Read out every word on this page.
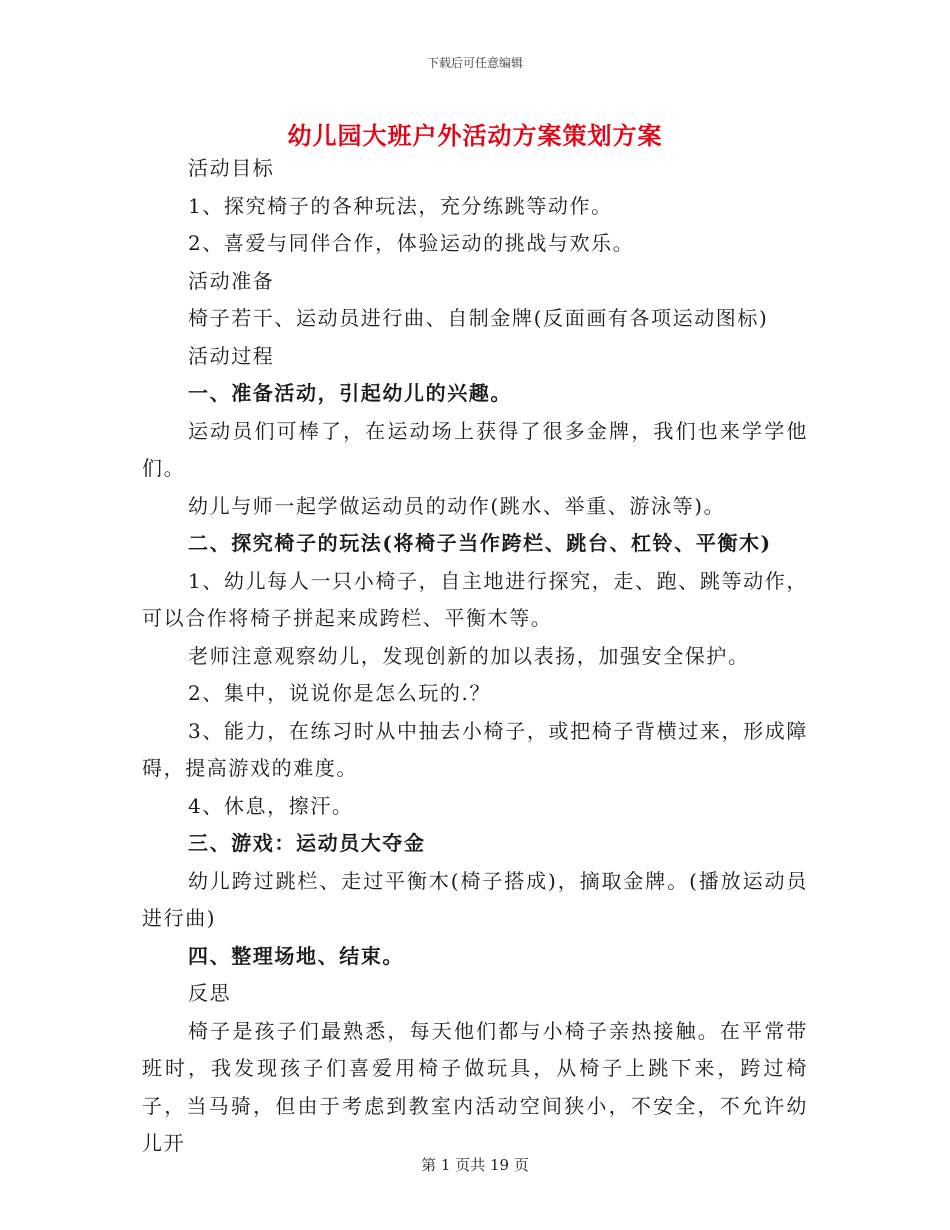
下载后可任意编辑
幼儿园大班户外活动方案策划方案

活动目标

1、探究椅子的各种玩法，充分练跳等动作。

2、喜爱与同伴合作，体验运动的挑战与欢乐。

活动准备

椅子若干、运动员进行曲、自制金牌(反面画有各项运动图标)

活动过程

一、准备活动，引起幼儿的兴趣。

运动员们可棒了，在运动场上获得了很多金牌，我们也来学学他们。

幼儿与师一起学做运动员的动作(跳水、举重、游泳等)。

二、探究椅子的玩法(将椅子当作跨栏、跳台、杠铃、平衡木)

1、幼儿每人一只小椅子，自主地进行探究，走、跑、跳等动作，可以合作将椅子拼起来成跨栏、平衡木等。

老师注意观察幼儿，发现创新的加以表扬，加强安全保护。

2、集中，说说你是怎么玩的.？

3、能力，在练习时从中抽去小椅子，或把椅子背横过来，形成障碍，提高游戏的难度。

4、休息，擦汗。

三、游戏：运动员大夺金

幼儿跨过跳栏、走过平衡木(椅子搭成)，摘取金牌。(播放运动员进行曲)

四、整理场地、结束。

反思

椅子是孩子们最熟悉，每天他们都与小椅子亲热接触。在平常带班时，我发现孩子们喜爱用椅子做玩具，从椅子上跳下来，跨过椅子，当马骑，但由于考虑到教室内活动空间狭小，不安全，不允许幼儿开

第 1 页共 19 页
